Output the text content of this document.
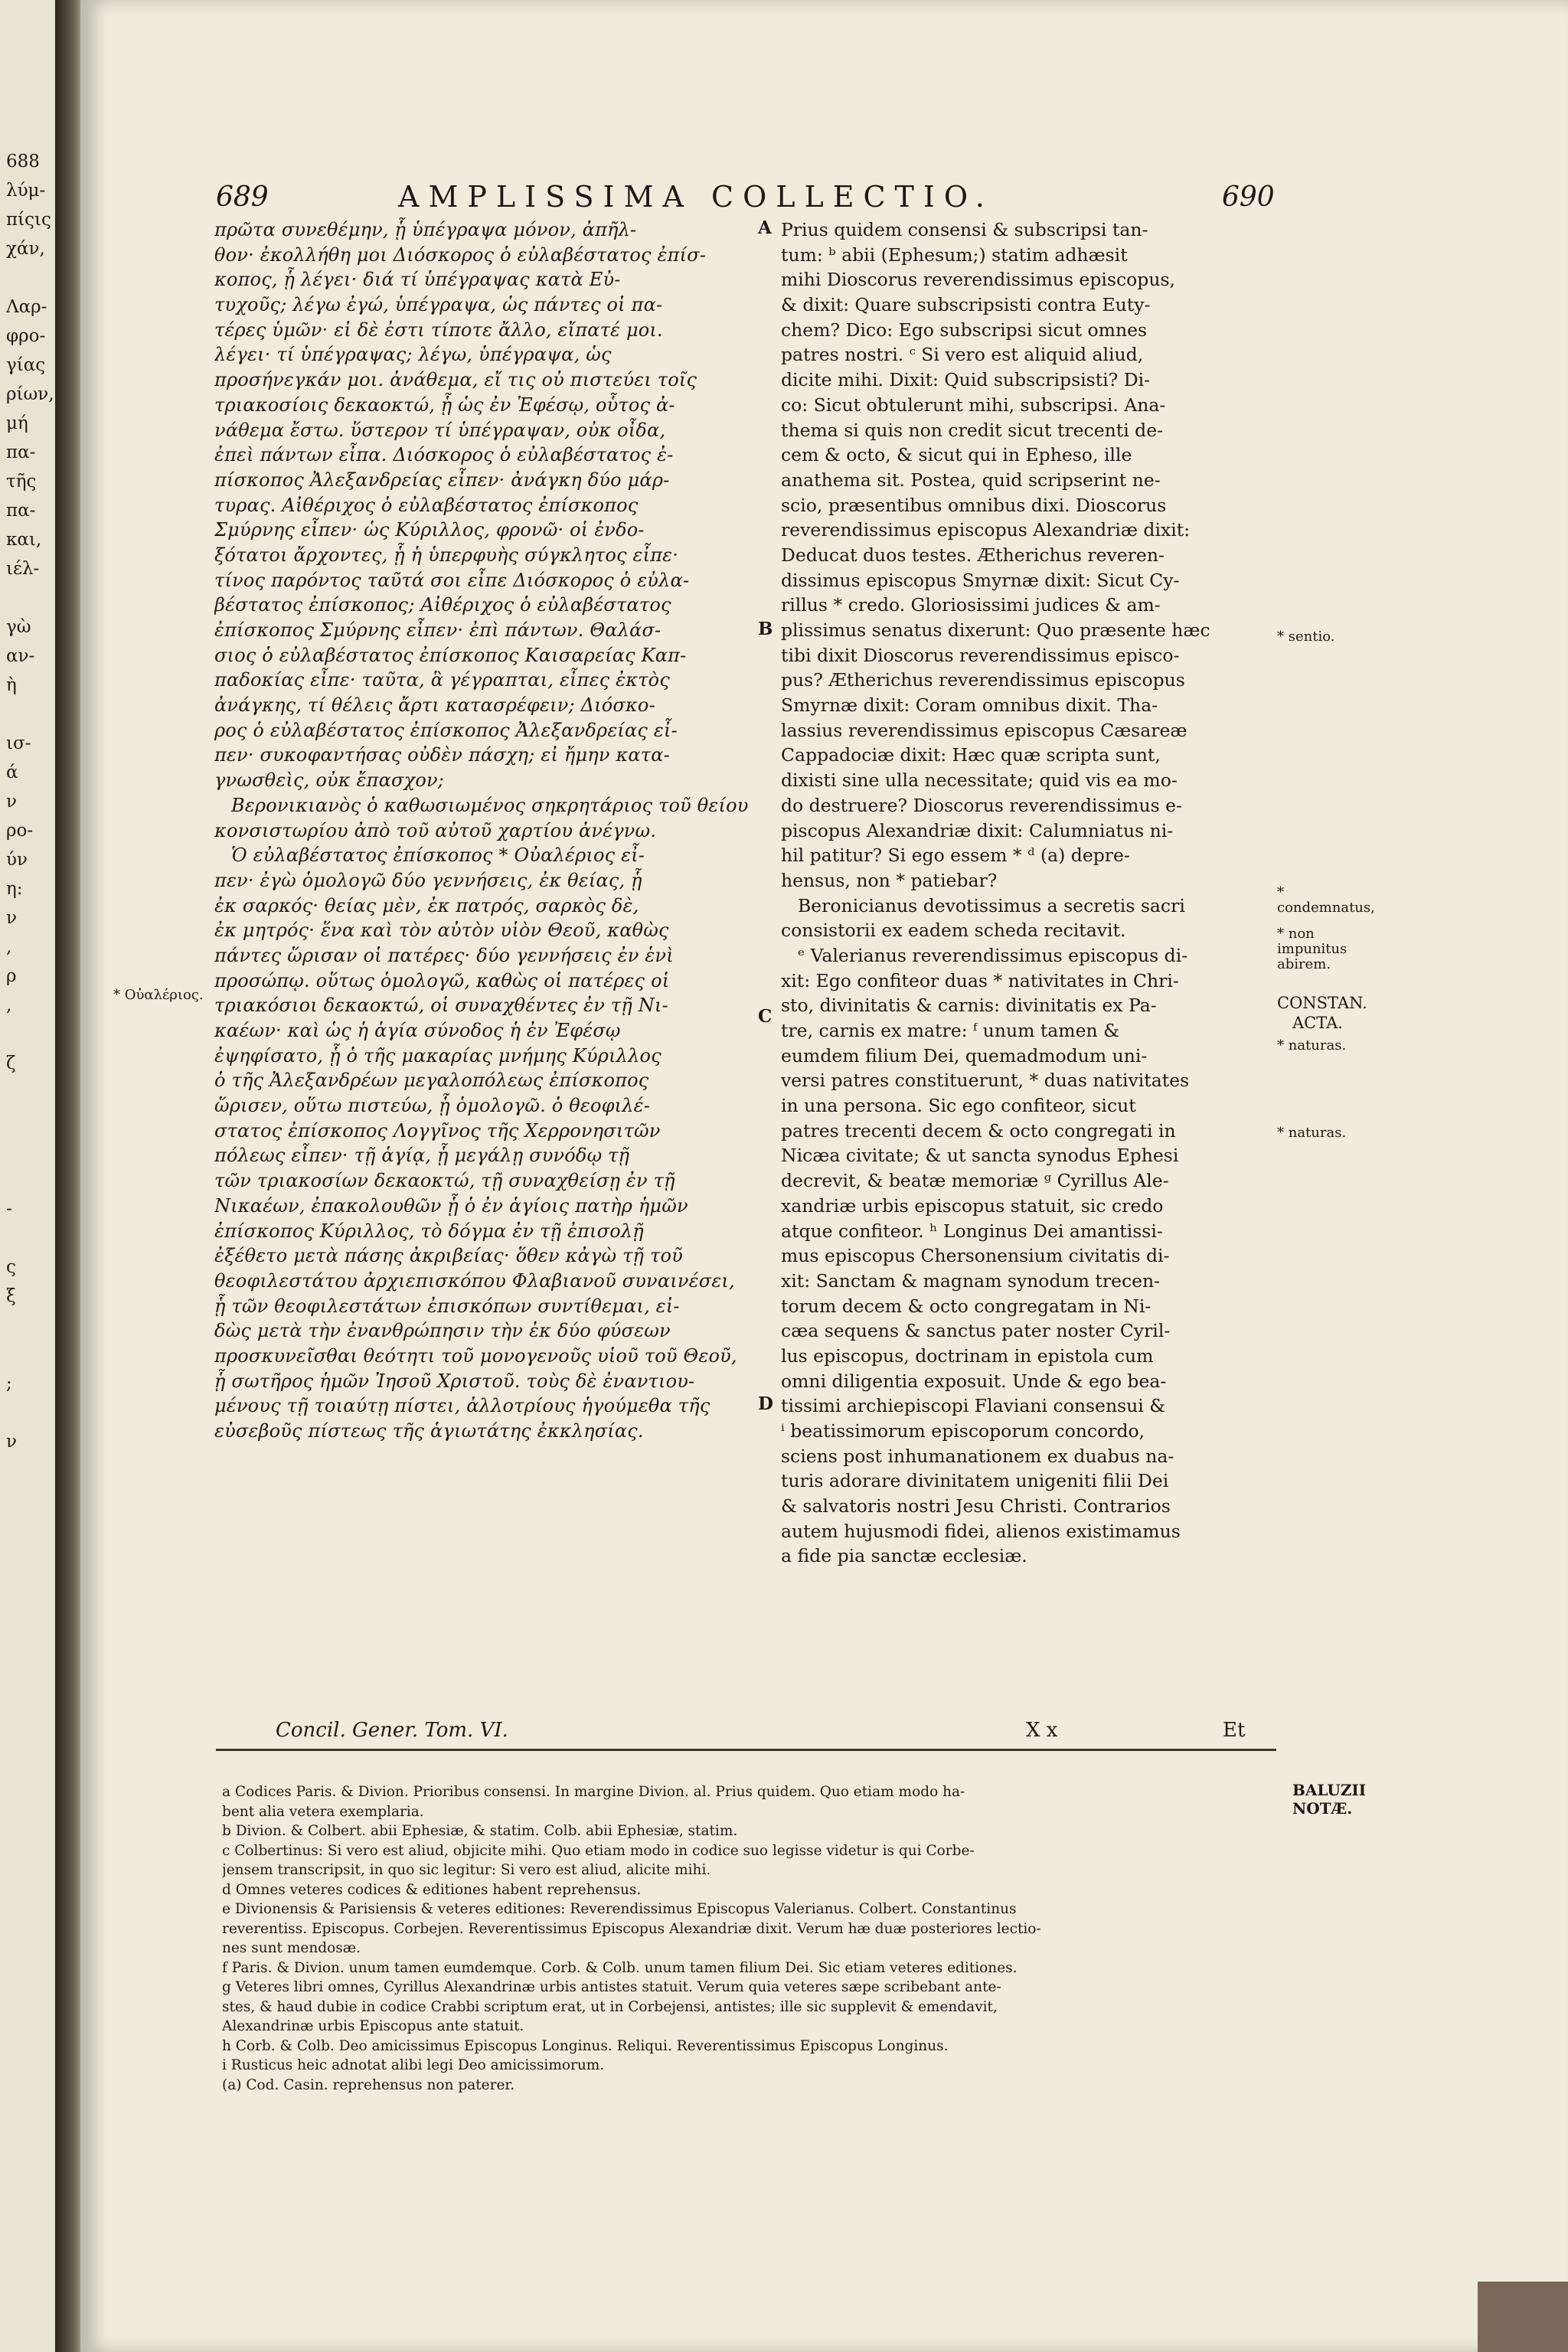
688
λύμ-
πίςις
χάν,
Λαρ-
φρο-
γίας
ρίων,
μή
πα-
τῆς
πα-
και,
ιέλ-
γὼ
αν-
ὴ
ισ-
ά
ν
ρο-
ύν
η:
ν
,
ρ
,
ζ
-
ς
ξ
;
ν
689	AMPLISSIMA COLLECTIO.	690
πρῶτα συνεθέμην, ᾗ ὑπέγραψα μόνον, ἀπῆλ-
θον· ἐκολλήθη μοι Διόσκορος ὁ εὐλαβέστατος ἐπίσ-
κοπος, ᾗ λέγει· διά τί ὑπέγραψας κατὰ Εὐ-
τυχοῦς; λέγω ἐγώ, ὑπέγραψα, ὡς πάντες οἱ πα-
τέρες ὑμῶν· εἰ δὲ ἐστι τίποτε ἄλλο, εἴπατέ μοι.
λέγει· τί ὑπέγραψας; λέγω, ὑπέγραψα, ὡς
προσήνεγκάν μοι. ἀνάθεμα, εἴ τις οὐ πιστεύει τοῖς
τριακοσίοις δεκαοκτώ, ᾗ ὡς ἐν Ἐφέσῳ, οὗτος ἀ-
νάθεμα ἔστω. ὕστερον τί ὑπέγραψαν, οὐκ οἶδα,
ἐπεὶ πάντων εἶπα. Διόσκορος ὁ εὐλαβέστατος ἐ-
πίσκοπος Ἀλεξανδρείας εἶπεν· ἀνάγκη δύο μάρ-
τυρας. Αἰθέριχος ὁ εὐλαβέστατος ἐπίσκοπος
Σμύρνης εἶπεν· ὡς Κύριλλος, φρονῶ· οἱ ἐνδο-
ξότατοι ἄρχοντες, ᾗ ἡ ὑπερφυὴς σύγκλητος εἶπε·
τίνος παρόντος ταῦτά σοι εἶπε Διόσκορος ὁ εὐλα-
βέστατος ἐπίσκοπος; Αἰθέριχος ὁ εὐλαβέστατος
ἐπίσκοπος Σμύρνης εἶπεν· ἐπὶ πάντων. Θαλάσ-
σιος ὁ εὐλαβέστατος ἐπίσκοπος Καισαρείας Καπ-
παδοκίας εἶπε· ταῦτα, ἃ γέγραπται, εἶπες ἐκτὸς
ἀνάγκης, τί θέλεις ἄρτι κατασρέφειν; Διόσκο-
ρος ὁ εὐλαβέστατος ἐπίσκοπος Ἀλεξανδρείας εἶ-
πεν· συκοφαντήσας οὐδὲν πάσχη; εἰ ἤμην κατα-
γνωσθεὶς, οὐκ ἔπασχον;
Βερονικιανὸς ὁ καθωσιωμένος σηκρητάριος τοῦ θείου
κονσιστωρίου ἀπὸ τοῦ αὐτοῦ χαρτίου ἀνέγνω.
Ὁ εὐλαβέστατος ἐπίσκοπος * Οὐαλέριος εἶ-
πεν· ἐγὼ ὁμολογῶ δύο γεννήσεις, ἐκ θείας, ᾗ
ἐκ σαρκός· θείας μὲν, ἐκ πατρός, σαρκὸς δὲ,
ἐκ μητρός· ἕνα καὶ τὸν αὐτὸν υἱὸν Θεοῦ, καθὼς
πάντες ὥρισαν οἱ πατέρες· δύο γεννήσεις ἐν ἑνὶ
προσώπῳ. οὕτως ὁμολογῶ, καθὼς οἱ πατέρες οἱ
τριακόσιοι δεκαοκτώ, οἱ συναχθέντες ἐν τῇ Νι-
καέων· καὶ ὡς ἡ ἁγία σύνοδος ἡ ἐν Ἐφέσῳ
ἐψηφίσατο, ᾗ ὁ τῆς μακαρίας μνήμης Κύριλλος
ὁ τῆς Ἀλεξανδρέων μεγαλοπόλεως ἐπίσκοπος
ὥρισεν, οὕτω πιστεύω, ᾗ ὁμολογῶ. ὁ θεοφιλέ-
στατος ἐπίσκοπος Λογγῖνος τῆς Χερρονησιτῶν
πόλεως εἶπεν· τῇ ἁγίᾳ, ᾗ μεγάλῃ συνόδῳ τῇ
τῶν τριακοσίων δεκαοκτώ, τῇ συναχθείσῃ ἐν τῇ
Νικαέων, ἐπακολουθῶν ᾗ ὁ ἐν ἁγίοις πατὴρ ἡμῶν
ἐπίσκοπος Κύριλλος, τὸ δόγμα ἐν τῇ ἐπισολῇ
ἐξέθετο μετὰ πάσης ἀκριβείας· ὅθεν κἀγὼ τῇ τοῦ
θεοφιλεστάτου ἀρχιεπισκόπου Φλαβιανοῦ συναινέσει,
ᾗ τῶν θεοφιλεστάτων ἐπισκόπων συντίθεμαι, εἰ-
δὼς μετὰ τὴν ἐνανθρώπησιν τὴν ἐκ δύο φύσεων
προσκυνεῖσθαι θεότητι τοῦ μονογενοῦς υἱοῦ τοῦ Θεοῦ,
ᾗ σωτῆρος ἡμῶν Ἰησοῦ Χριστοῦ. τοὺς δὲ ἐναντιου-
μένους τῇ τοιαύτῃ πίστει, ἀλλοτρίους ἡγούμεθα τῆς
εὐσεβοῦς πίστεως τῆς ἁγιωτάτης ἐκκλησίας.
Prius quidem consensi & subscripsi tan-
tum: ᵇ abii (Ephesum;) statim adhæsit
mihi Dioscorus reverendissimus episcopus,
& dixit: Quare subscripsisti contra Euty-
chem? Dico: Ego subscripsi sicut omnes
patres nostri. ᶜ Si vero est aliquid aliud,
dicite mihi. Dixit: Quid subscripsisti? Di-
co: Sicut obtulerunt mihi, subscripsi. Ana-
thema si quis non credit sicut trecenti de-
cem & octo, & sicut qui in Epheso, ille
anathema sit. Postea, quid scripserint ne-
scio, præsentibus omnibus dixi. Dioscorus
reverendissimus episcopus Alexandriæ dixit:
Deducat duos testes. Ætherichus reveren-
dissimus episcopus Smyrnæ dixit: Sicut Cy-
rillus * credo. Gloriosissimi judices & am-
plissimus senatus dixerunt: Quo præsente hæc
tibi dixit Dioscorus reverendissimus episco-
pus? Ætherichus reverendissimus episcopus
Smyrnæ dixit: Coram omnibus dixit. Tha-
lassius reverendissimus episcopus Cæsareæ
Cappadociæ dixit: Hæc quæ scripta sunt,
dixisti sine ulla necessitate; quid vis ea mo-
do destruere? Dioscorus reverendissimus e-
piscopus Alexandriæ dixit: Calumniatus ni-
hil patitur? Si ego essem * ᵈ (a) depre-
hensus, non * patiebar?
Beronicianus devotissimus a secretis sacri
consistorii ex eadem scheda recitavit.
ᵉ Valerianus reverendissimus episcopus di-
xit: Ego confiteor duas * nativitates in Chri-
sto, divinitatis & carnis: divinitatis ex Pa-
tre, carnis ex matre: ᶠ unum tamen &
eumdem filium Dei, quemadmodum uni-
versi patres constituerunt, * duas nativitates
in una persona. Sic ego confiteor, sicut
patres trecenti decem & octo congregati in
Nicæa civitate; & ut sancta synodus Ephesi
decrevit, & beatæ memoriæ ᵍ Cyrillus Ale-
xandriæ urbis episcopus statuit, sic credo
atque confiteor. ʰ Longinus Dei amantissi-
mus episcopus Chersonensium civitatis di-
xit: Sanctam & magnam synodum trecen-
torum decem & octo congregatam in Ni-
cæa sequens & sanctus pater noster Cyril-
lus episcopus, doctrinam in epistola cum
omni diligentia exposuit. Unde & ego bea-
tissimi archiepiscopi Flaviani consensui &
ⁱ beatissimorum episcoporum concordo,
sciens post inhumanationem ex duabus na-
turis adorare divinitatem unigeniti filii Dei
& salvatoris nostri Jesu Christi. Contrarios
autem hujusmodi fidei, alienos existimamus
a fide pia sanctæ ecclesiæ.
A
B
C
D
* Οὐαλέριος.
* sentio.
* condemnatus,
* non impunitus abirem.
CONSTAN.
ACTA.
* naturas.
* naturas.
Concil. Gener. Tom. VI.	X x	Et
BALUZII NOTÆ.
a Codices Paris. & Divion. Prioribus consensi. In margine Divion. al. Prius quidem. Quo etiam modo ha-
bent alia vetera exemplaria.
b Divion. & Colbert. abii Ephesiæ, & statim. Colb. abii Ephesiæ, statim.
c Colbertinus: Si vero est aliud, objicite mihi. Quo etiam modo in codice suo legisse videtur is qui Corbe-
jensem transcripsit, in quo sic legitur: Si vero est aliud, alicite mihi.
d Omnes veteres codices & editiones habent reprehensus.
e Divionensis & Parisiensis & veteres editiones: Reverendissimus Episcopus Valerianus. Colbert. Constantinus
reverentiss. Episcopus. Corbejen. Reverentissimus Episcopus Alexandriæ dixit. Verum hæ duæ posteriores lectio-
nes sunt mendosæ.
f Paris. & Divion. unum tamen eumdemque. Corb. & Colb. unum tamen filium Dei. Sic etiam veteres editiones.
g Veteres libri omnes, Cyrillus Alexandrinæ urbis antistes statuit. Verum quia veteres sæpe scribebant ante-
stes, & haud dubie in codice Crabbi scriptum erat, ut in Corbejensi, antistes; ille sic supplevit & emendavit,
Alexandrinæ urbis Episcopus ante statuit.
h Corb. & Colb. Deo amicissimus Episcopus Longinus. Reliqui. Reverentissimus Episcopus Longinus.
i Rusticus heic adnotat alibi legi Deo amicissimorum.
(a) Cod. Casin. reprehensus non paterer.
